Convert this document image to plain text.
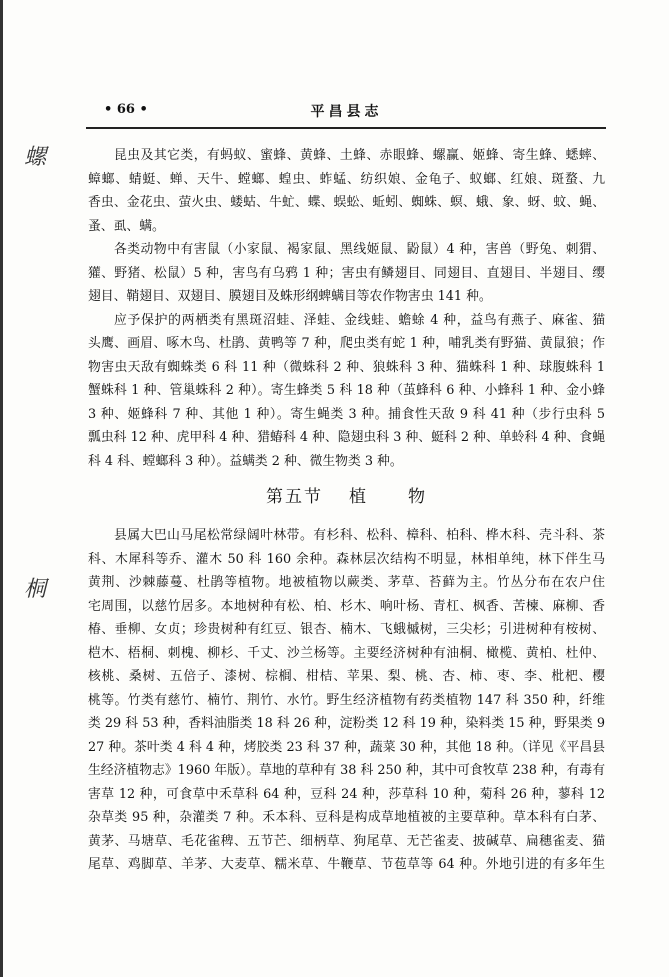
• 66 •	平昌县志
螺
桐
昆虫及其它类，有蚂蚁、蜜蜂、黄蜂、土蜂、赤眼蜂、螺赢、姬蜂、寄生蜂、蟋蟀、
蟑螂、蜻蜓、蝉、天牛、螳螂、蝗虫、蚱蜢、纺织娘、金龟子、蚁螂、红娘、斑蝥、九
香虫、金花虫、萤火虫、蝼蛄、牛虻、蝶、蜈蚣、蚯蚓、蜘蛛、螟、蛾、象、蚜、蚊、蝇、
蚤、虱、螨。
各类动物中有害鼠（小家鼠、褐家鼠、黑线姬鼠、鼢鼠）4 种，害兽（野兔、刺猬、
獾、野猪、松鼠）5 种，害鸟有乌鸦 1 种；害虫有鳞翅目、同翅目、直翅目、半翅目、缨
翅目、鞘翅目、双翅目、膜翅目及蛛形纲蜱螨目等农作物害虫 141 种。
应予保护的两栖类有黑斑沼蛙、泽蛙、金线蛙、蟾蜍 4 种，益鸟有燕子、麻雀、猫
头鹰、画眉、啄木鸟、杜鹃、黄鸭等 7 种，爬虫类有蛇 1 种，哺乳类有野猫、黄鼠狼；作
物害虫天敌有蜘蛛类 6 科 11 种（微蛛科 2 种、狼蛛科 3 种、猫蛛科 1 种、球腹蛛科 1
蟹蛛科 1 种、管巢蛛科 2 种）。寄生蜂类 5 科 18 种（茧蜂科 6 种、小蜂科 1 种、金小蜂
3 种、姬蜂科 7 种、其他 1 种）。寄生蝇类 3 种。捕食性天敌 9 科 41 种（步行虫科 5
瓢虫科 12 种、虎甲科 4 种、猎蝽科 4 种、隐翅虫科 3 种、蜓科 2 种、单蛉科 4 种、食蝇
科 4 科、螳螂科 3 种）。益螨类 2 种、微生物类 3 种。
第五节 植 物
县属大巴山马尾松常绿阔叶林带。有杉科、松科、樟科、柏科、桦木科、壳斗科、茶
科、木犀科等乔、灌木 50 科 160 余种。森林层次结构不明显，林相单纯，林下伴生马
黄荆、沙棘藤蔓、杜鹃等植物。地被植物以蕨类、茅草、苔藓为主。竹丛分布在农户住
宅周围，以慈竹居多。本地树种有松、柏、杉木、响叶杨、青杠、枫香、苦楝、麻柳、香
椿、垂柳、女贞；珍贵树种有红豆、银杏、楠木、飞蛾槭树，三尖杉；引进树种有桉树、
桤木、梧桐、刺槐、柳杉、千丈、沙兰杨等。主要经济树种有油桐、橄榄、黄柏、杜仲、
核桃、桑树、五倍子、漆树、棕榈、柑桔、苹果、梨、桃、杏、柿、枣、李、枇杷、樱
桃等。竹类有慈竹、楠竹、荆竹、水竹。野生经济植物有药类植物 147 科 350 种，纤维
类 29 科 53 种，香料油脂类 18 科 26 种，淀粉类 12 科 19 种，染料类 15 种，野果类 9
27 种。茶叶类 4 科 4 种，烤胶类 23 科 37 种，蔬菜 30 种，其他 18 种。（详见《平昌县
生经济植物志》1960 年版）。草地的草种有 38 科 250 种，其中可食牧草 238 种，有毒有
害草 12 种，可食草中禾草科 64 种，豆科 24 种，莎草科 10 种，菊科 26 种，蓼科 12
杂草类 95 种，杂灌类 7 种。禾本科、豆科是构成草地植被的主要草种。草本科有白茅、
黄茅、马塘草、毛花雀稗、五节芒、细柄草、狗尾草、无芒雀麦、披碱草、扁穗雀麦、猫
尾草、鸡脚草、羊茅、大麦草、糯米草、牛鞭草、节苞草等 64 种。外地引进的有多年生
